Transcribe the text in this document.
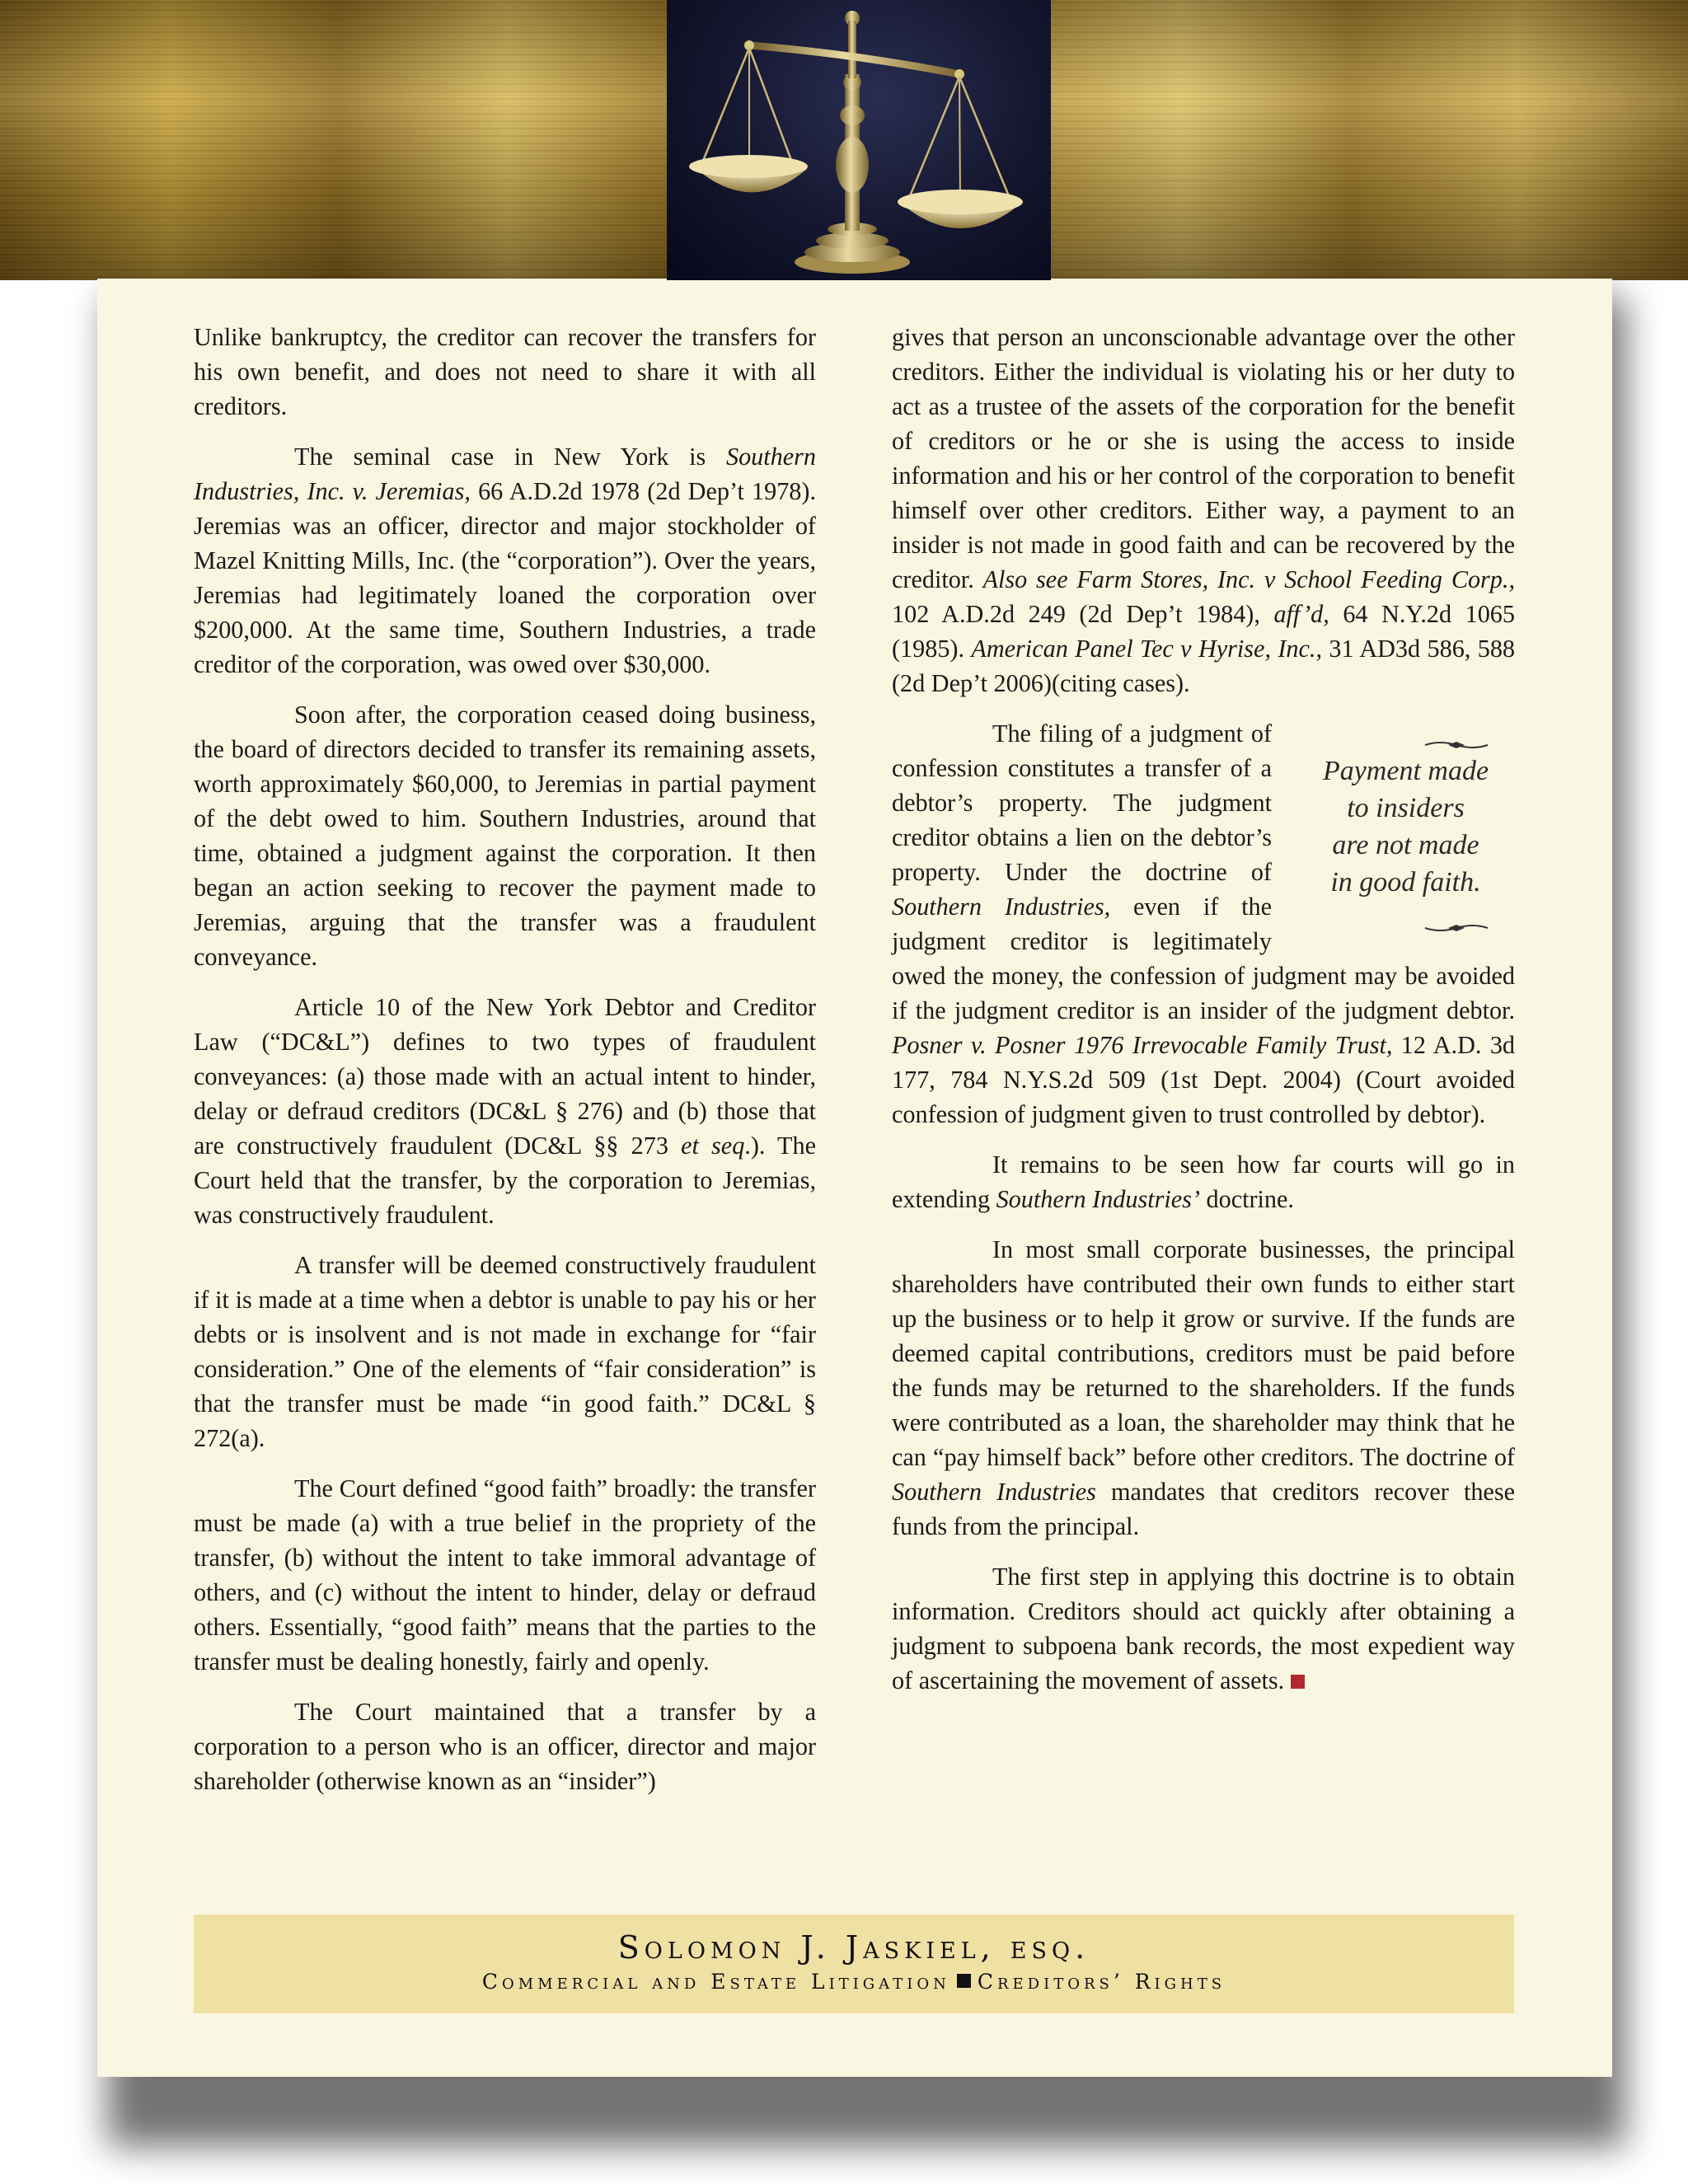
Unlike bankruptcy, the creditor can recover the transfers for his own benefit, and does not need to share it with all creditors.

The seminal case in New York is Southern Industries, Inc. v. Jeremias, 66 A.D.2d 1978 (2d Dep’t 1978). Jeremias was an officer, director and major stockholder of Mazel Knitting Mills, Inc. (the “corporation”). Over the years, Jeremias had legitimately loaned the corporation over $200,000. At the same time, Southern Industries, a trade creditor of the corporation, was owed over $30,000.

Soon after, the corporation ceased doing business, the board of directors decided to transfer its remaining assets, worth approximately $60,000, to Jeremias in partial payment of the debt owed to him. Southern Industries, around that time, obtained a judgment against the corporation. It then began an action seeking to recover the payment made to Jeremias, arguing that the transfer was a fraudulent conveyance.

Article 10 of the New York Debtor and Creditor Law (“DC&L”) defines to two types of fraudulent conveyances: (a) those made with an actual intent to hinder, delay or defraud creditors (DC&L § 276) and (b) those that are constructively fraudulent (DC&L §§ 273 et seq.). The Court held that the transfer, by the corporation to Jeremias, was constructively fraudulent.

A transfer will be deemed constructively fraudulent if it is made at a time when a debtor is unable to pay his or her debts or is insolvent and is not made in exchange for “fair consideration.” One of the elements of “fair consideration” is that the transfer must be made “in good faith.” DC&L § 272(a).

The Court defined “good faith” broadly: the transfer must be made (a) with a true belief in the propriety of the transfer, (b) without the intent to take immoral advantage of others, and (c) without the intent to hinder, delay or defraud others. Essentially, “good faith” means that the parties to the transfer must be dealing honestly, fairly and openly.

The Court maintained that a transfer by a corporation to a person who is an officer, director and major shareholder (otherwise known as an “insider”)

gives that person an unconscionable advantage over the other creditors. Either the individual is violating his or her duty to act as a trustee of the assets of the corporation for the benefit of creditors or he or she is using the access to inside information and his or her control of the corporation to benefit himself over other creditors. Either way, a payment to an insider is not made in good faith and can be recovered by the creditor. Also see Farm Stores, Inc. v School Feeding Corp., 102 A.D.2d 249 (2d Dep’t 1984), aff’d, 64 N.Y.2d 1065 (1985). American Panel Tec v Hyrise, Inc., 31 AD3d 586, 588 (2d Dep’t 2006)(citing cases).

Payment made
to insiders
are not made
in good faith.
The filing of a judgment of confession constitutes a transfer of a debtor’s property. The judgment creditor obtains a lien on the debtor’s property. Under the doctrine of Southern Industries, even if the judgment creditor is legitimately owed the money, the confession of judgment may be avoided if the judgment creditor is an insider of the judgment debtor. Posner v. Posner 1976 Irrevocable Family Trust, 12 A.D. 3d 177, 784 N.Y.S.2d 509 (1st Dept. 2004) (Court avoided confession of judgment given to trust controlled by debtor).

It remains to be seen how far courts will go in extending Southern Industries’ doctrine.

In most small corporate businesses, the principal shareholders have contributed their own funds to either start up the business or to help it grow or survive. If the funds are deemed capital contributions, creditors must be paid before the funds may be returned to the shareholders. If the funds were contributed as a loan, the shareholder may think that he can “pay himself back” before other creditors. The doctrine of Southern Industries mandates that creditors recover these funds from the principal.

The first step in applying this doctrine is to obtain information. Creditors should act quickly after obtaining a judgment to subpoena bank records, the most expedient way of ascertaining the movement of assets.

Solomon J. Jaskiel, esq.
Commercial and Estate Litigation Creditors’ Rights
